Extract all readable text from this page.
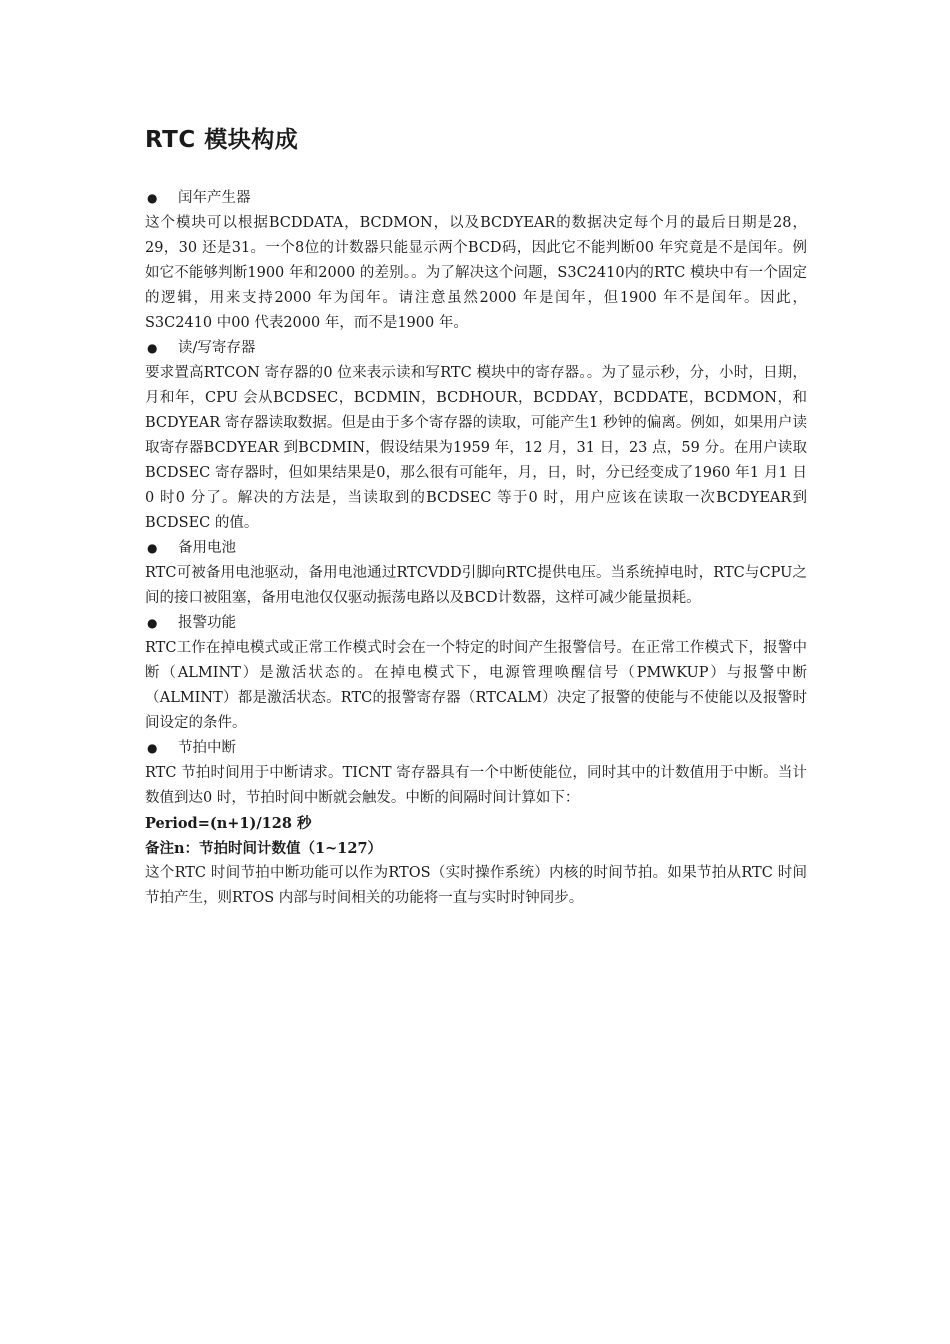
RTC 模块构成
●	闰年产生器

这个模块可以根据BCDDATA，BCDMON，以及BCDYEAR的数据决定每个月的最后日期是28，29，30 还是31。一个8位的计数器只能显示两个BCD码，因此它不能判断00 年究竟是不是闰年。例如它不能够判断1900 年和2000 的差别。。为了解决这个问题，S3C2410内的RTC 模块中有一个固定的逻辑，用来支持2000 年为闰年。请注意虽然2000 年是闰年，但1900 年不是闰年。因此，S3C2410 中00 代表2000 年，而不是1900 年。

●	读/写寄存器

要求置高RTCON 寄存器的0 位来表示读和写RTC 模块中的寄存器。。为了显示秒，分，小时，日期，月和年，CPU 会从BCDSEC，BCDMIN，BCDHOUR，BCDDAY，BCDDATE，BCDMON，和BCDYEAR 寄存器读取数据。但是由于多个寄存器的读取，可能产生1 秒钟的偏离。例如，如果用户读取寄存器BCDYEAR 到BCDMIN，假设结果为1959 年，12 月，31 日，23 点，59 分。在用户读取BCDSEC 寄存器时，但如果结果是0，那么很有可能年，月，日，时，分已经变成了1960 年1 月1 日0 时0 分了。解决的方法是，当读取到的BCDSEC 等于0 时，用户应该在读取一次BCDYEAR到BCDSEC 的值。

●	备用电池

RTC可被备用电池驱动，备用电池通过RTCVDD引脚向RTC提供电压。当系统掉电时，RTC与CPU之间的接口被阻塞，备用电池仅仅驱动振荡电路以及BCD计数器，这样可减少能量损耗。

●	报警功能

RTC工作在掉电模式或正常工作模式时会在一个特定的时间产生报警信号。在正常工作模式下，报警中断（ALMINT）是激活状态的。在掉电模式下，电源管理唤醒信号（PMWKUP）与报警中断（ALMINT）都是激活状态。RTC的报警寄存器（RTCALM）决定了报警的使能与不使能以及报警时间设定的条件。

●	节拍中断

RTC 节拍时间用于中断请求。TICNT 寄存器具有一个中断使能位，同时其中的计数值用于中断。当计数值到达0 时，节拍时间中断就会触发。中断的间隔时间计算如下：

Period=(n+1)/128 秒

备注n：节拍时间计数值（1~127）

这个RTC 时间节拍中断功能可以作为RTOS（实时操作系统）内核的时间节拍。如果节拍从RTC 时间节拍产生，则RTOS 内部与时间相关的功能将一直与实时时钟同步。
